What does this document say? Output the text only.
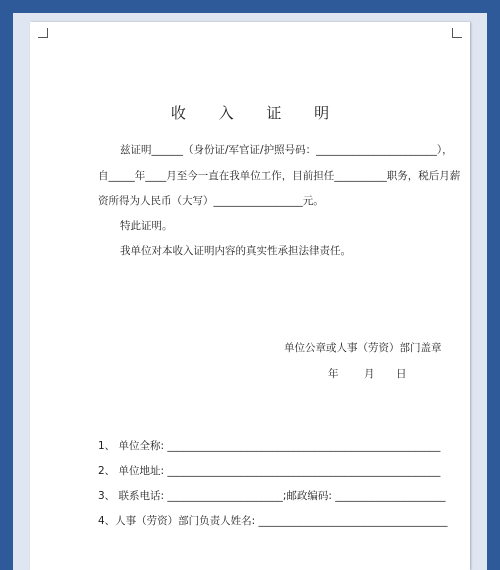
收 入 证 明
兹证明______（身份证/军官证/护照号码：_______________________），
自_____年____月至今一直在我单位工作，目前担任__________职务，税后月薪
资所得为人民币（大写）_________________元。
特此证明。
我单位对本收入证明内容的真实性承担法律责任。
单位公章或人事（劳资）部门盖章
年 月 日
1、 单位全称: ____________________________________________________
2、 单位地址: ____________________________________________________
3、 联系电话: ______________________;邮政编码: _____________________
4、人事（劳资）部门负责人姓名: ____________________________________
